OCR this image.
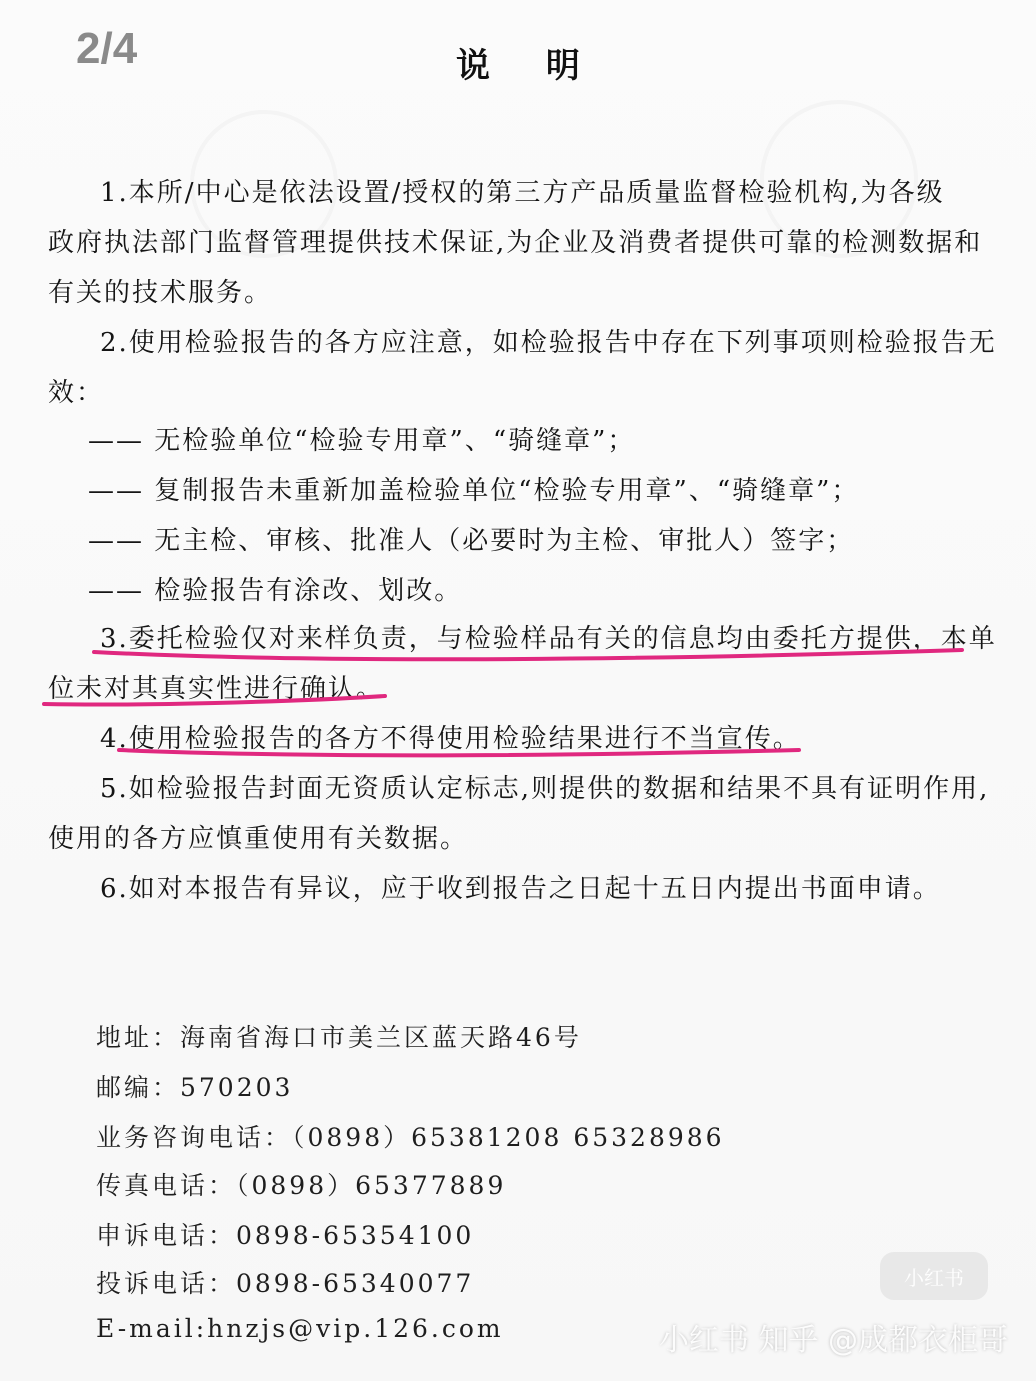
2/4	说 明
1.本所/中心是依法设置/授权的第三方产品质量监督检验机构,为各级
政府执法部门监督管理提供技术保证,为企业及消费者提供可靠的检测数据和
有关的技术服务。
2.使用检验报告的各方应注意，如检验报告中存在下列事项则检验报告无
效：
—— 无检验单位“检验专用章”、“骑缝章”；
—— 复制报告未重新加盖检验单位“检验专用章”、“骑缝章”；
—— 无主检、审核、批准人（必要时为主检、审批人）签字；
—— 检验报告有涂改、划改。
3.委托检验仅对来样负责，与检验样品有关的信息均由委托方提供，本单
位未对其真实性进行确认。
4.使用检验报告的各方不得使用检验结果进行不当宣传。
5.如检验报告封面无资质认定标志,则提供的数据和结果不具有证明作用,
使用的各方应慎重使用有关数据。
6.如对本报告有异议，应于收到报告之日起十五日内提出书面申请。
地址：海南省海口市美兰区蓝天路46号
邮编：570203
业务咨询电话：（0898）65381208 65328986
传真电话：（0898）65377889
申诉电话：0898-65354100
投诉电话：0898-65340077
E-mail:hnzjs@vip.126.com
小红书
小红书 知乎 @成都衣柜哥
